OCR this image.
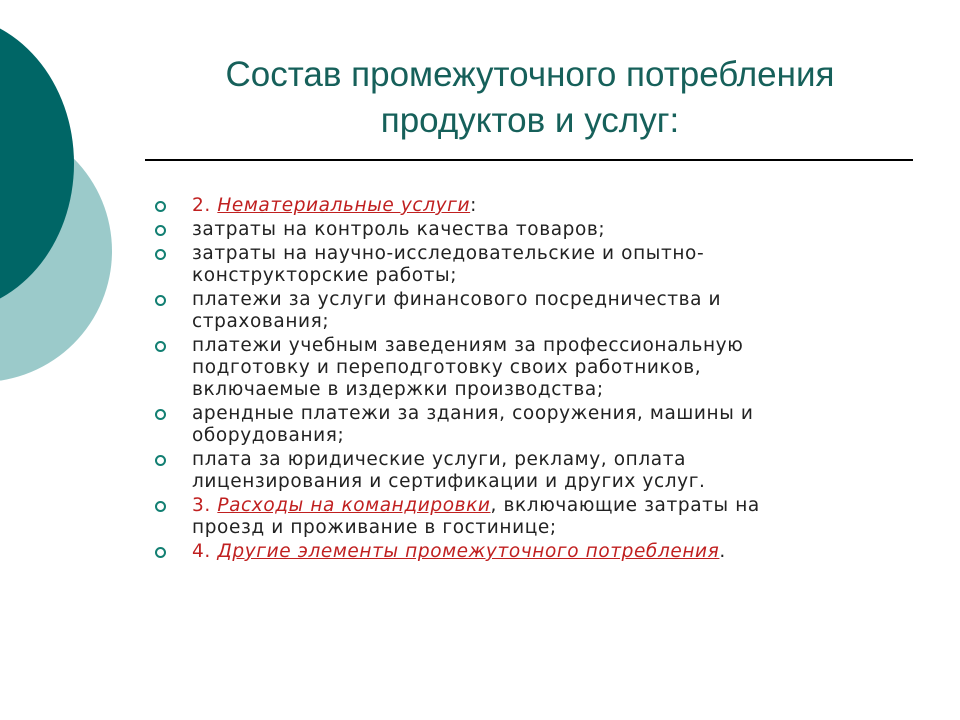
Состав промежуточного потребления
продуктов и услуг:
2. Нематериальные услуги:
затраты на контроль качества товаров;
затраты на научно-исследовательские и опытно-
конструкторские работы;
платежи за услуги финансового посредничества и
страхования;
платежи учебным заведениям за профессиональную
подготовку и переподготовку своих работников,
включаемые в издержки производства;
арендные платежи за здания, сооружения, машины и
оборудования;
плата за юридические услуги, рекламу, оплата
лицензирования и сертификации и других услуг.
3. Расходы на командировки, включающие затраты на
проезд и проживание в гостинице;
4. Другие элементы промежуточного потребления.
